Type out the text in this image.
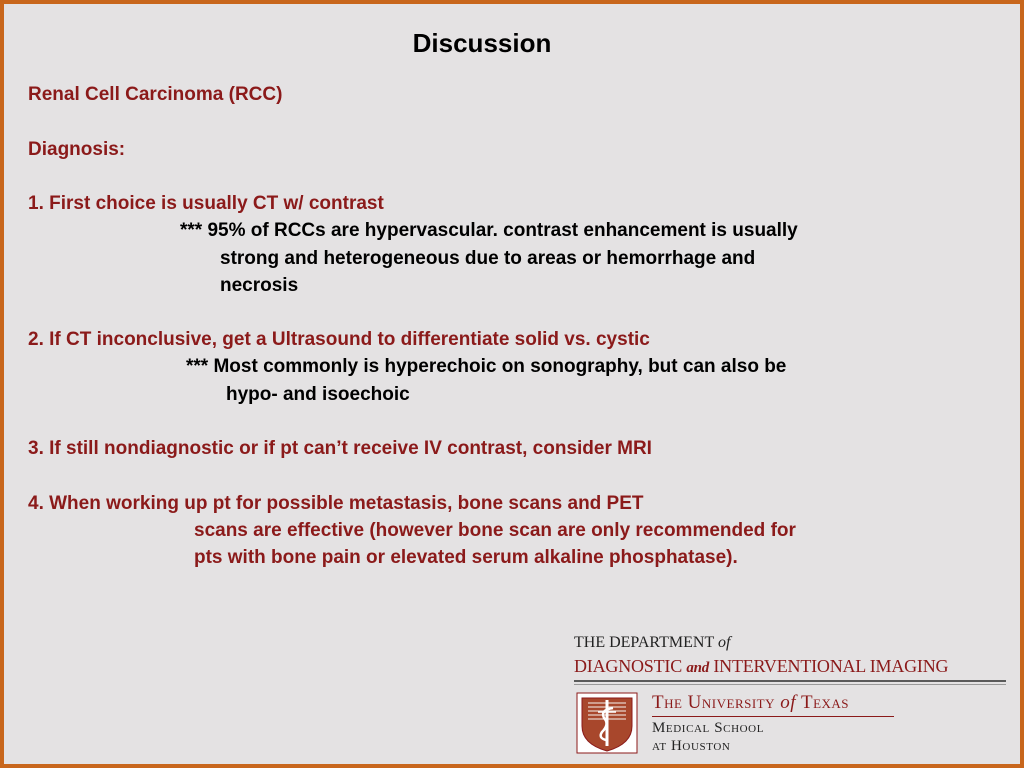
Discussion
Renal Cell Carcinoma (RCC)
Diagnosis:
1. First choice is usually CT w/ contrast
*** 95% of RCCs are hypervascular. contrast enhancement is usually
strong and heterogeneous due to areas or hemorrhage and
necrosis
2. If CT inconclusive, get a Ultrasound to differentiate solid vs. cystic
*** Most commonly is hyperechoic on sonography, but can also be
hypo- and isoechoic
3. If still nondiagnostic or if pt can’t receive IV contrast, consider MRI
4. When working up pt for possible metastasis, bone scans and PET
scans are effective (however bone scan are only recommended for
pts with bone pain or elevated serum alkaline phosphatase).
THE DEPARTMENT of
DIAGNOSTIC and INTERVENTIONAL IMAGING
The University of Texas
Medical School
at Houston
